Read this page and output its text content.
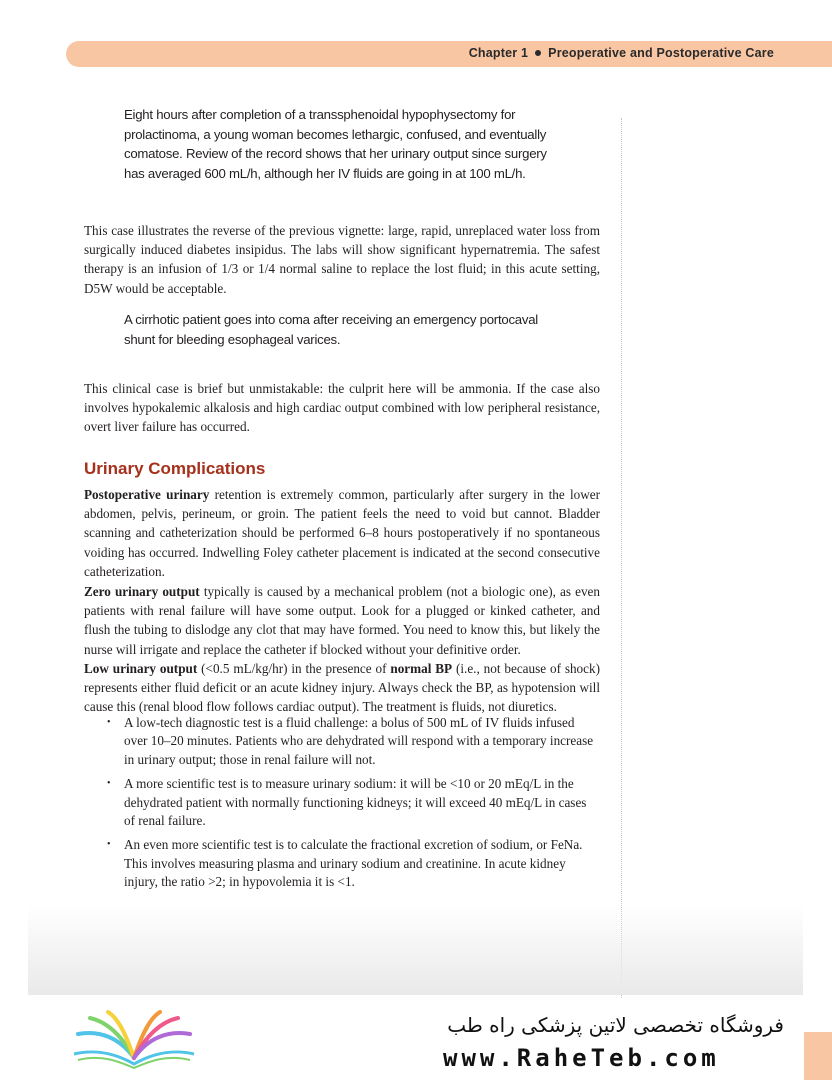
Chapter 1 Preoperative and Postoperative Care
Eight hours after completion of a transsphenoidal hypophysectomy for prolactinoma, a young woman becomes lethargic, confused, and eventually comatose. Review of the record shows that her urinary output since surgery has averaged 600 mL/h, although her IV fluids are going in at 100 mL/h.
This case illustrates the reverse of the previous vignette: large, rapid, unreplaced water loss from surgically induced diabetes insipidus. The labs will show significant hypernatremia. The safest therapy is an infusion of 1/3 or 1/4 normal saline to replace the lost fluid; in this acute setting, D5W would be acceptable.
A cirrhotic patient goes into coma after receiving an emergency portocaval shunt for bleeding esophageal varices.
This clinical case is brief but unmistakable: the culprit here will be ammonia. If the case also involves hypokalemic alkalosis and high cardiac output combined with low peripheral resistance, overt liver failure has occurred.
Urinary Complications
Postoperative urinary retention is extremely common, particularly after surgery in the lower abdomen, pelvis, perineum, or groin. The patient feels the need to void but cannot. Bladder scanning and catheterization should be performed 6–8 hours postoperatively if no spontaneous voiding has occurred. Indwelling Foley catheter placement is indicated at the second consecutive catheterization.
Zero urinary output typically is caused by a mechanical problem (not a biologic one), as even patients with renal failure will have some output. Look for a plugged or kinked catheter, and flush the tubing to dislodge any clot that may have formed. You need to know this, but likely the nurse will irrigate and replace the catheter if blocked without your definitive order.
Low urinary output (<0.5 mL/kg/hr) in the presence of normal BP (i.e., not because of shock) represents either fluid deficit or an acute kidney injury. Always check the BP, as hypotension will cause this (renal blood flow follows cardiac output). The treatment is fluids, not diuretics.
• A low-tech diagnostic test is a fluid challenge: a bolus of 500 mL of IV fluids infused over 10–20 minutes. Patients who are dehydrated will respond with a temporary increase in urinary output; those in renal failure will not.
• A more scientific test is to measure urinary sodium: it will be <10 or 20 mEq/L in the dehydrated patient with normally functioning kidneys; it will exceed 40 mEq/L in cases of renal failure.
• An even more scientific test is to calculate the fractional excretion of sodium, or FeNa. This involves measuring plasma and urinary sodium and creatinine. In acute kidney injury, the ratio >2; in hypovolemia it is <1.
فروشگاه تخصصی لاتین پزشکی راه طب
www.RaheTeb.com
